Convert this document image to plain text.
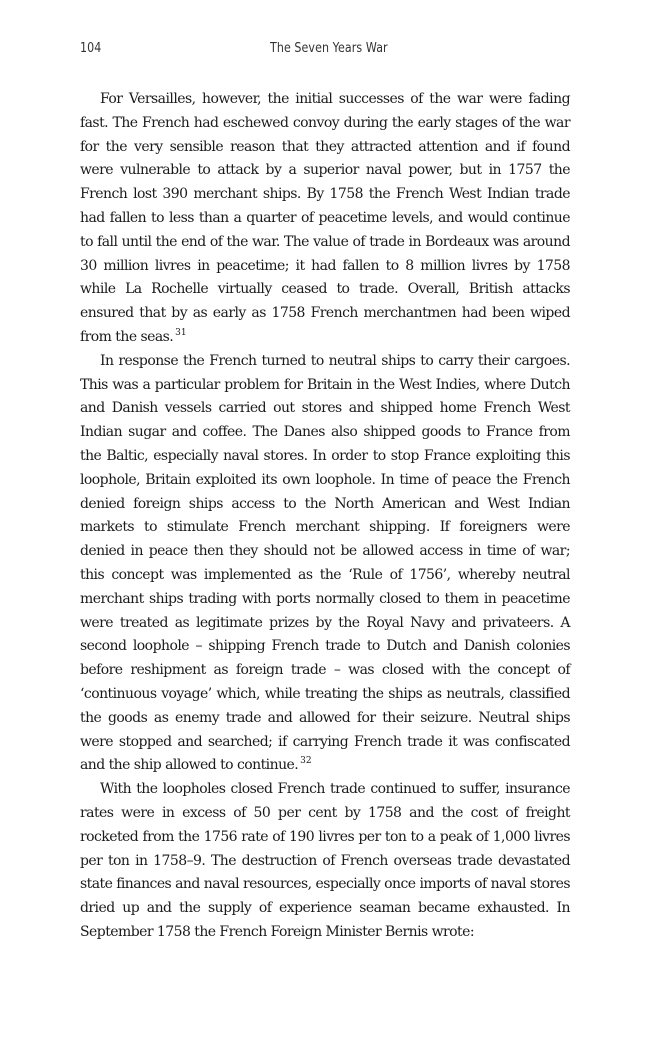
104	The Seven Years War

For Versailles, however, the initial successes of the war were fading fast. The French had eschewed convoy during the early stages of the war for the very sensible reason that they attracted attention and if found were vulnerable to attack by a superior naval power, but in 1757 the French lost 390 merchant ships. By 1758 the French West Indian trade had fallen to less than a quarter of peacetime levels, and would continue to fall until the end of the war. The value of trade in Bordeaux was around 30 million livres in peacetime; it had fallen to 8 million livres by 1758 while La Rochelle virtually ceased to trade. Overall, British attacks ensured that by as early as 1758 French merchantmen had been wiped from the seas. $^{31}$

In response the French turned to neutral ships to carry their cargoes. This was a particular problem for Britain in the West Indies, where Dutch and Danish vessels carried out stores and shipped home French West Indian sugar and coffee. The Danes also shipped goods to France from the Baltic, especially naval stores. In order to stop France exploiting this loophole, Britain exploited its own loophole. In time of peace the French denied foreign ships access to the North American and West Indian markets to stimulate French merchant shipping. If foreigners were denied in peace then they should not be allowed access in time of war; this concept was implemented as the ‘Rule of 1756’, whereby neutral merchant ships trading with ports normally closed to them in peacetime were treated as legitimate prizes by the Royal Navy and privateers. A second loophole – shipping French trade to Dutch and Danish colonies before reshipment as foreign trade – was closed with the concept of ‘continuous voyage’ which, while treating the ships as neutrals, classified the goods as enemy trade and allowed for their seizure. Neutral ships were stopped and searched; if carrying French trade it was confiscated and the ship allowed to continue. $^{32}$

With the loopholes closed French trade continued to suffer, insurance rates were in excess of 50 per cent by 1758 and the cost of freight rocketed from the 1756 rate of 190 livres per ton to a peak of 1,000 livres per ton in 1758–9. The destruction of French overseas trade devastated state finances and naval resources, especially once imports of naval stores dried up and the supply of experience seaman became exhausted. In September 1758 the French Foreign Minister Bernis wrote:
